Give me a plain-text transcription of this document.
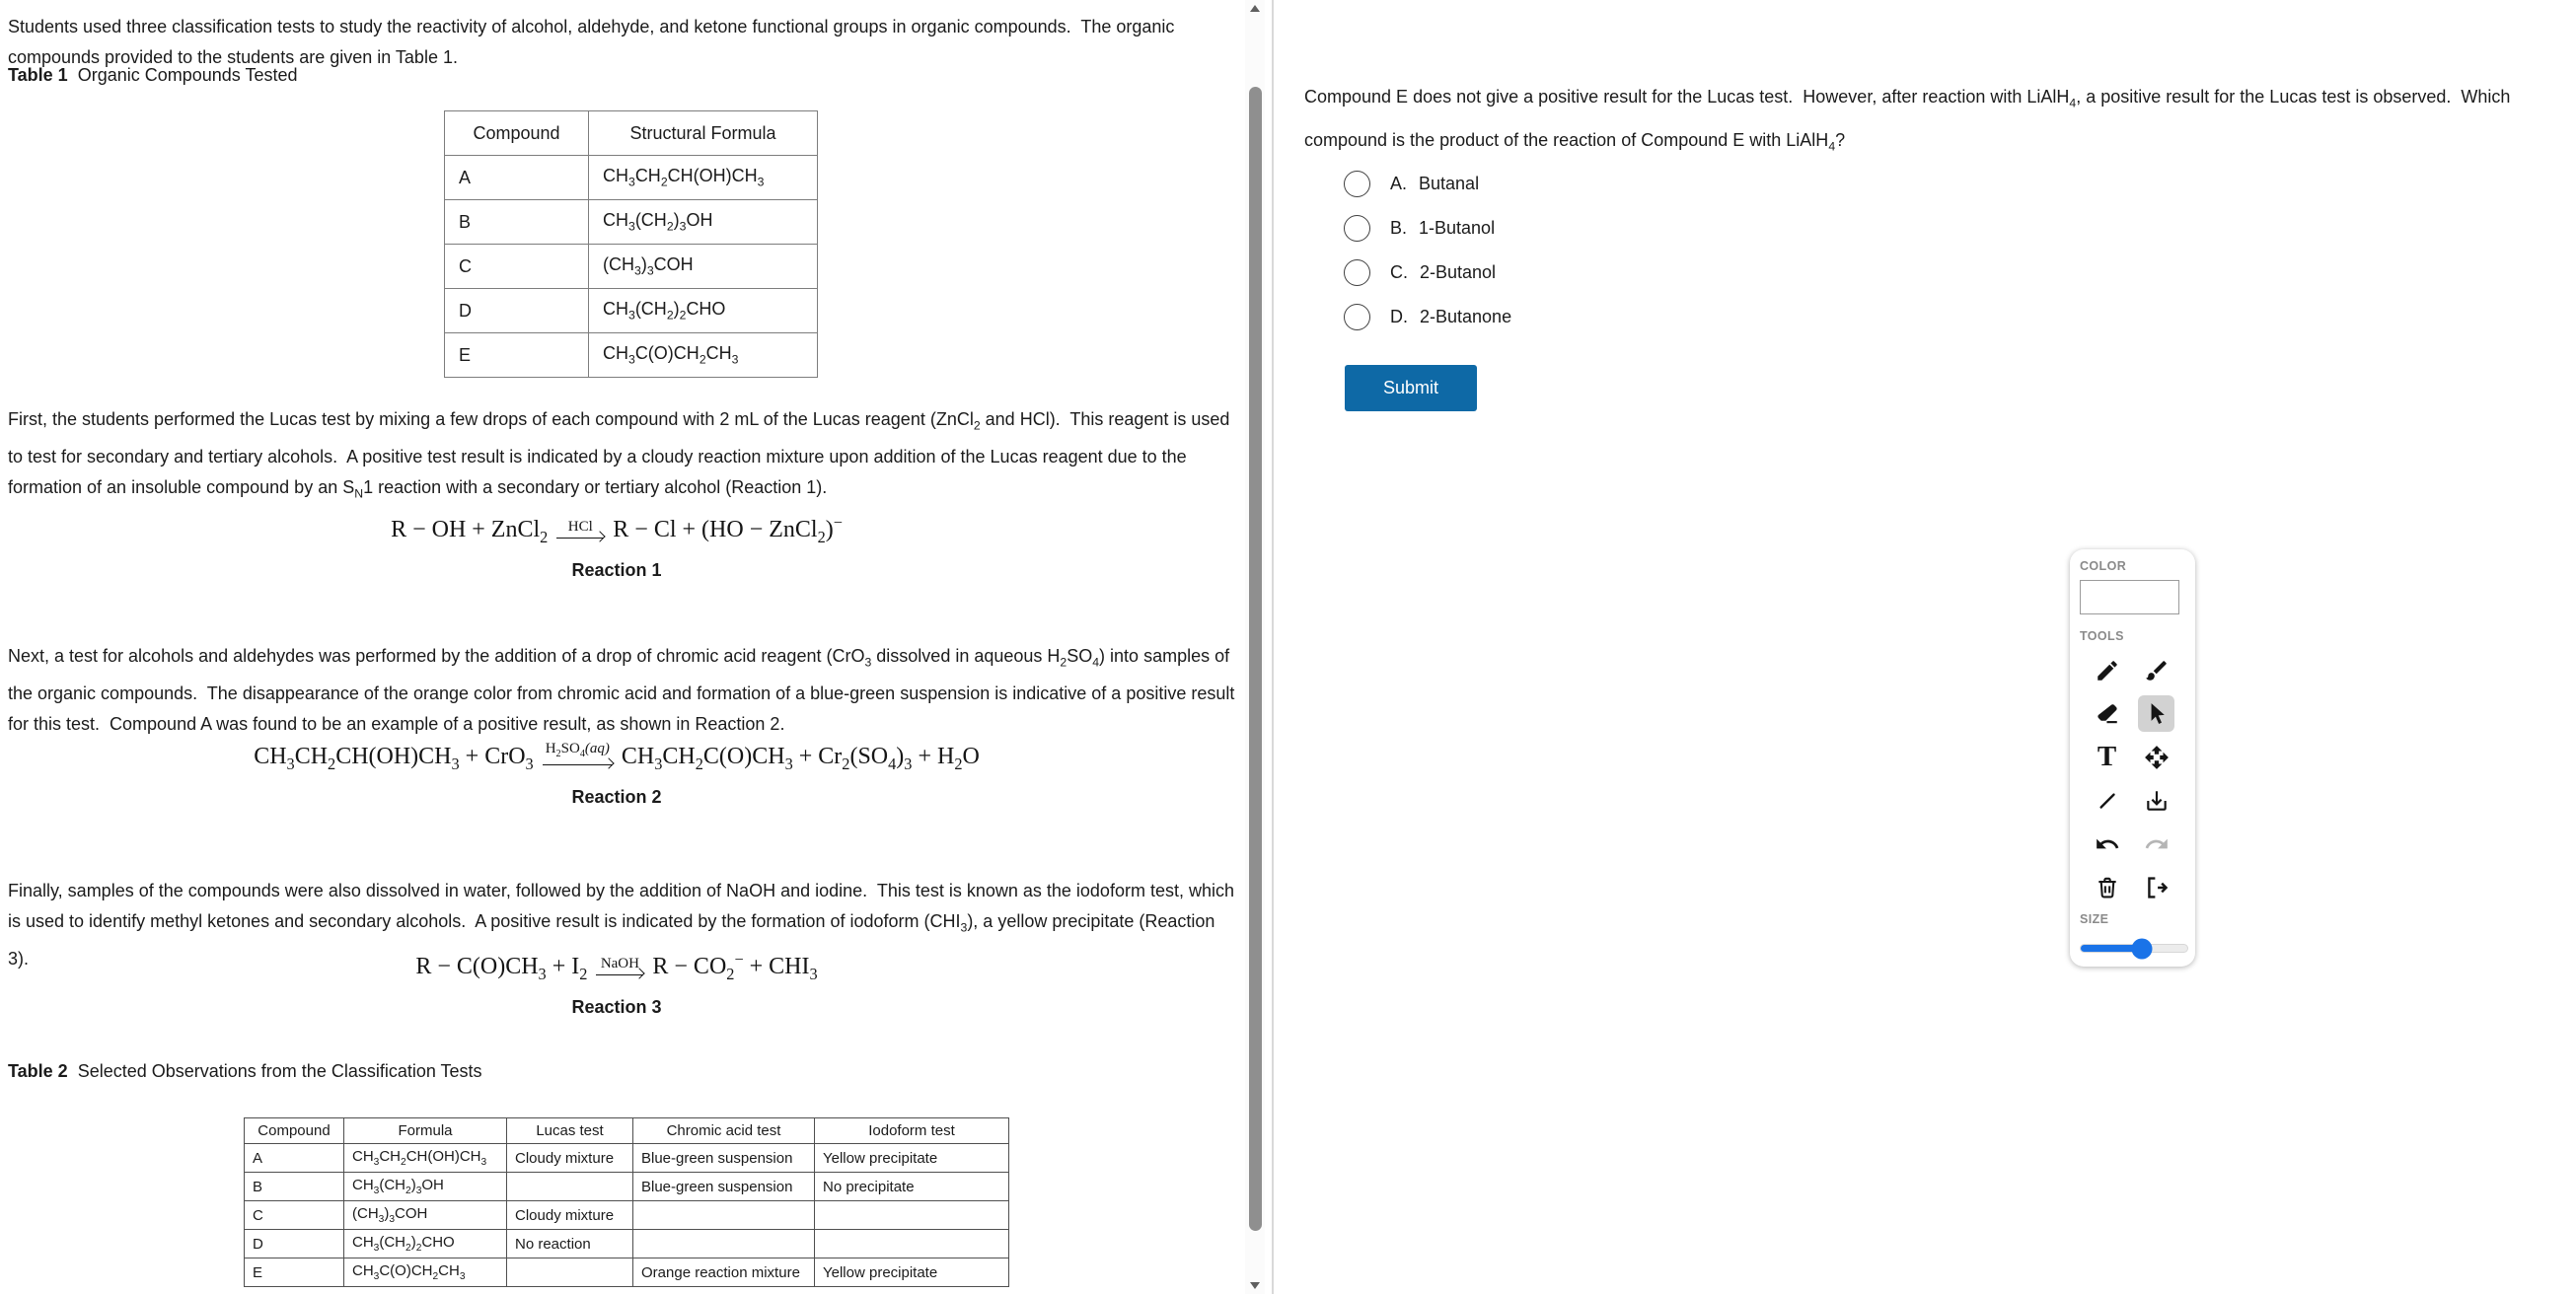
Students used three classification tests to study the reactivity of alcohol, aldehyde, and ketone functional groups in organic compounds.  The organic compounds provided to the students are given in Table 1.

Table 1 Organic Compounds Tested
Compound	Structural Formula
A	$CH_3CH_2CH(OH)CH_3$
B	$CH_3(CH_2)_3OH$
C	$(CH_3)_3COH$
D	$CH_3(CH_2)_2CHO$
E	$CH_3C(O)CH_2CH_3$

First, the students performed the Lucas test by mixing a few drops of each compound with 2 mL of the Lucas reagent (ZnCl$_2$ and HCl).  This reagent is used to test for secondary and tertiary alcohols.  A positive test result is indicated by a cloudy reaction mixture upon addition of the Lucas reagent due to the formation of an insoluble compound by an $S_N1$ reaction with a secondary or tertiary alcohol (Reaction 1).

R − OH + ZnCl$_2$
HCl R − Cl + (HO − ZnCl$_2$)−
Reaction 1

Next, a test for alcohols and aldehydes was performed by the addition of a drop of chromic acid reagent (CrO$_3$ dissolved in aqueous $H_2SO_4$) into samples of the organic compounds.  The disappearance of the orange color from chromic acid and formation of a blue-green suspension is indicative of a positive result for this test.  Compound A was found to be an example of a positive result, as shown in Reaction 2.

$CH_3CH_2CH(OH)CH_3 + CrO_3$
$H_2SO_4(aq) CH_3CH_2C(O)CH_3 + Cr_2(SO_4)_3 + H_2O$
Reaction 2

Finally, samples of the compounds were also dissolved in water, followed by the addition of NaOH and iodine.  This test is known as the iodoform test, which is used to identify methyl ketones and secondary alcohols.  A positive result is indicated by the formation of iodoform $(CHI_3)$, a yellow precipitate (Reaction 3).	$R - C(O)CH_3 + I_2$
NaOH $R - CO_2^- + CHI_3$
Reaction 3
Table 2 Selected Observations from the Classification Tests
Compound	Formula	Lucas test	Chromic acid test	Iodoform test
A	$CH_3CH_2CH(OH)CH_3$	Cloudy mixture	Blue-green suspension	Yellow precipitate
B	$CH_3(CH_2)_3OH$		Blue-green suspension	No precipitate
C	$(CH_3)_3COH$	Cloudy mixture		
D	$CH_3(CH_2)_2CHO$	No reaction		
E	$CH_3C(O)CH_2CH_3$		Orange reaction mixture	Yellow precipitate

Compound E does not give a positive result for the Lucas test.  However, after reaction with LiAlH$_4$, a positive result for the Lucas test is observed.  Which compound is the product of the reaction of Compound E with LiAlH$_4$?

A. Butanal
B. 1-Butanol
C. 2-Butanol
D. 2-Butanone
Submit
COLOR
TOOLS
T
SIZE
